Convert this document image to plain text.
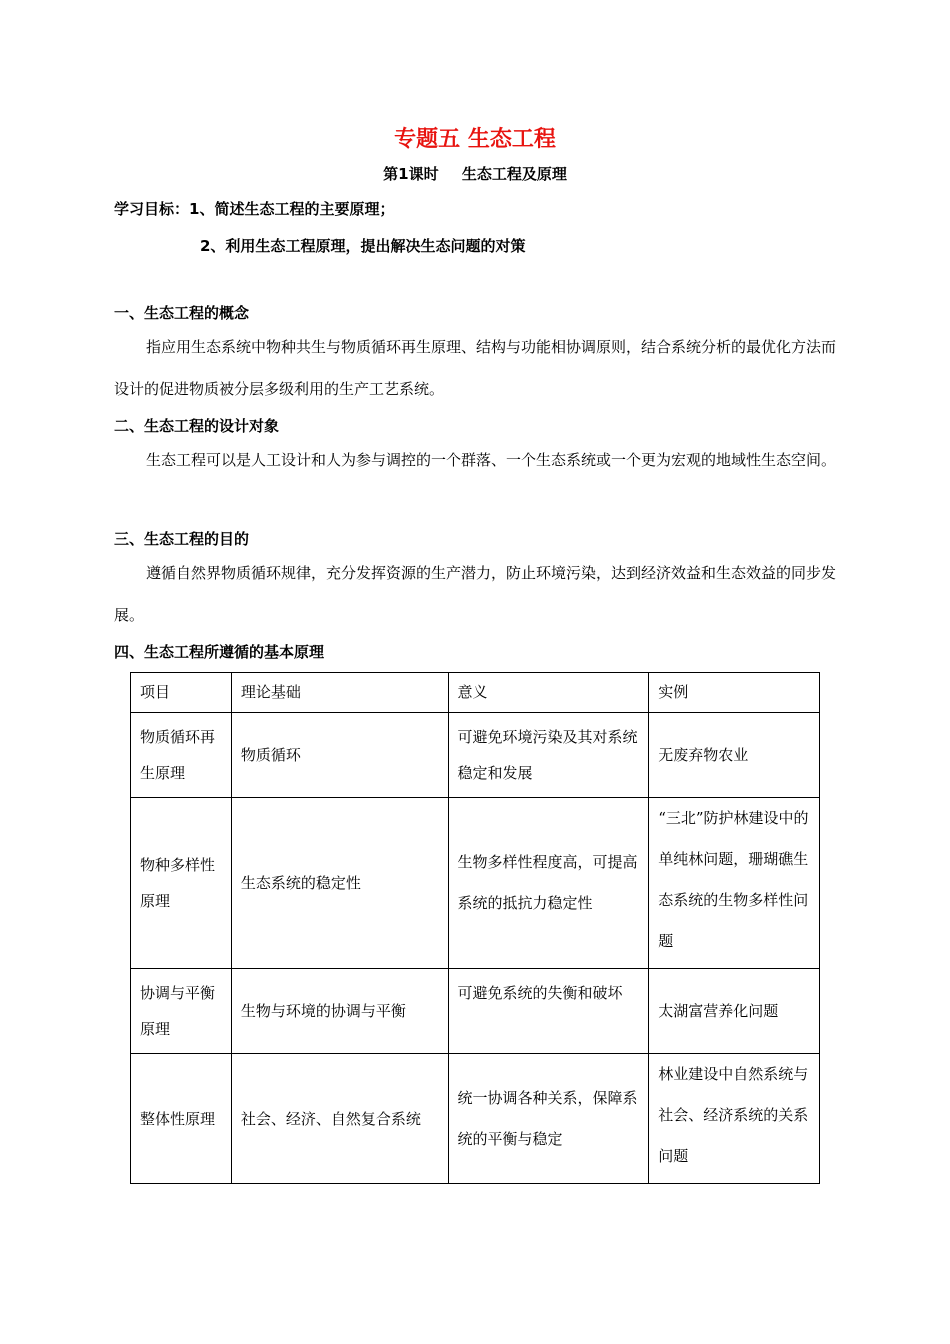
专题五 生态工程
第1课时 生态工程及原理
学习目标：1、简述生态工程的主要原理；
2、利用生态工程原理，提出解决生态问题的对策
一、生态工程的概念
指应用生态系统中物种共生与物质循环再生原理、结构与功能相协调原则，结合系统分析的最优化方法而设计的促进物质被分层多级利用的生产工艺系统。
二、生态工程的设计对象
生态工程可以是人工设计和人为参与调控的一个群落、一个生态系统或一个更为宏观的地域性生态空间。
三、生态工程的目的
遵循自然界物质循环规律，充分发挥资源的生产潜力，防止环境污染，达到经济效益和生态效益的同步发展。
四、生态工程所遵循的基本原理
项目	理论基础	意义	实例
物质循环再生原理	物质循环	可避免环境污染及其对系统稳定和发展	无废弃物农业
物种多样性原理	生态系统的稳定性	生物多样性程度高，可提高系统的抵抗力稳定性	“三北”防护林建设中的单纯林问题，珊瑚礁生态系统的生物多样性问题
协调与平衡原理	生物与环境的协调与平衡	可避免系统的失衡和破坏	太湖富营养化问题
整体性原理	社会、经济、自然复合系统	统一协调各种关系，保障系统的平衡与稳定	林业建设中自然系统与社会、经济系统的关系问题
